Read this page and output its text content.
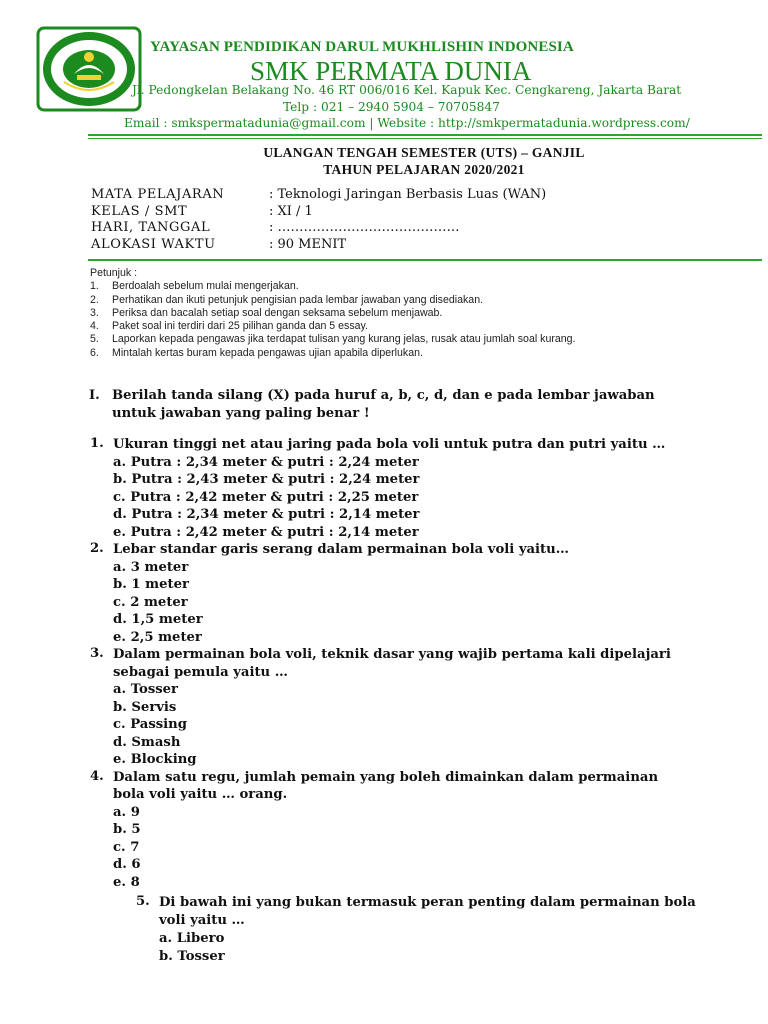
YAYASAN PENDIDIKAN DARUL MUKHLISHIN INDONESIA
SMK PERMATA DUNIA
Jl. Pedongkelan Belakang No. 46 RT 006/016 Kel. Kapuk Kec. Cengkareng, Jakarta Barat
Telp : 021 – 2940 5904 – 70705847
Email : smkspermatadunia@gmail.com | Website : http://smkpermatadunia.wordpress.com/
ULANGAN TENGAH SEMESTER (UTS) – GANJIL
TAHUN PELAJARAN 2020/2021
MATA PELAJARAN	: Teknologi Jaringan Berbasis Luas (WAN)
KELAS / SMT	: XI / 1
HARI, TANGGAL	: ……………………………………
ALOKASI WAKTU	: 90 MENIT
Petunjuk :
1. Berdoalah sebelum mulai mengerjakan.
2. Perhatikan dan ikuti petunjuk pengisian pada lembar jawaban yang disediakan.
3. Periksa dan bacalah setiap soal dengan seksama sebelum menjawab.
4. Paket soal ini terdiri dari 25 pilihan ganda dan 5 essay.
5. Laporkan kepada pengawas jika terdapat tulisan yang kurang jelas, rusak atau jumlah soal kurang.
6. Mintalah kertas buram kepada pengawas ujian apabila diperlukan.
I. Berilah tanda silang (X) pada huruf a, b, c, d, dan e pada lembar jawaban untuk jawaban yang paling benar !
1. Ukuran tinggi net atau jaring pada bola voli untuk putra dan putri yaitu …
a. Putra : 2,34 meter & putri : 2,24 meter
b. Putra : 2,43 meter & putri : 2,24 meter
c. Putra : 2,42 meter & putri : 2,25 meter
d. Putra : 2,34 meter & putri : 2,14 meter
e. Putra : 2,42 meter & putri : 2,14 meter
2. Lebar standar garis serang dalam permainan bola voli yaitu…
a. 3 meter
b. 1 meter
c. 2 meter
d. 1,5 meter
e. 2,5 meter
3. Dalam permainan bola voli, teknik dasar yang wajib pertama kali dipelajari sebagai pemula yaitu …
a. Tosser
b. Servis
c. Passing
d. Smash
e. Blocking
4. Dalam satu regu, jumlah pemain yang boleh dimainkan dalam permainan bola voli yaitu … orang.
a. 9
b. 5
c. 7
d. 6
e. 8
5. Di bawah ini yang bukan termasuk peran penting dalam permainan bola voli yaitu …
a. Libero
b. Tosser
